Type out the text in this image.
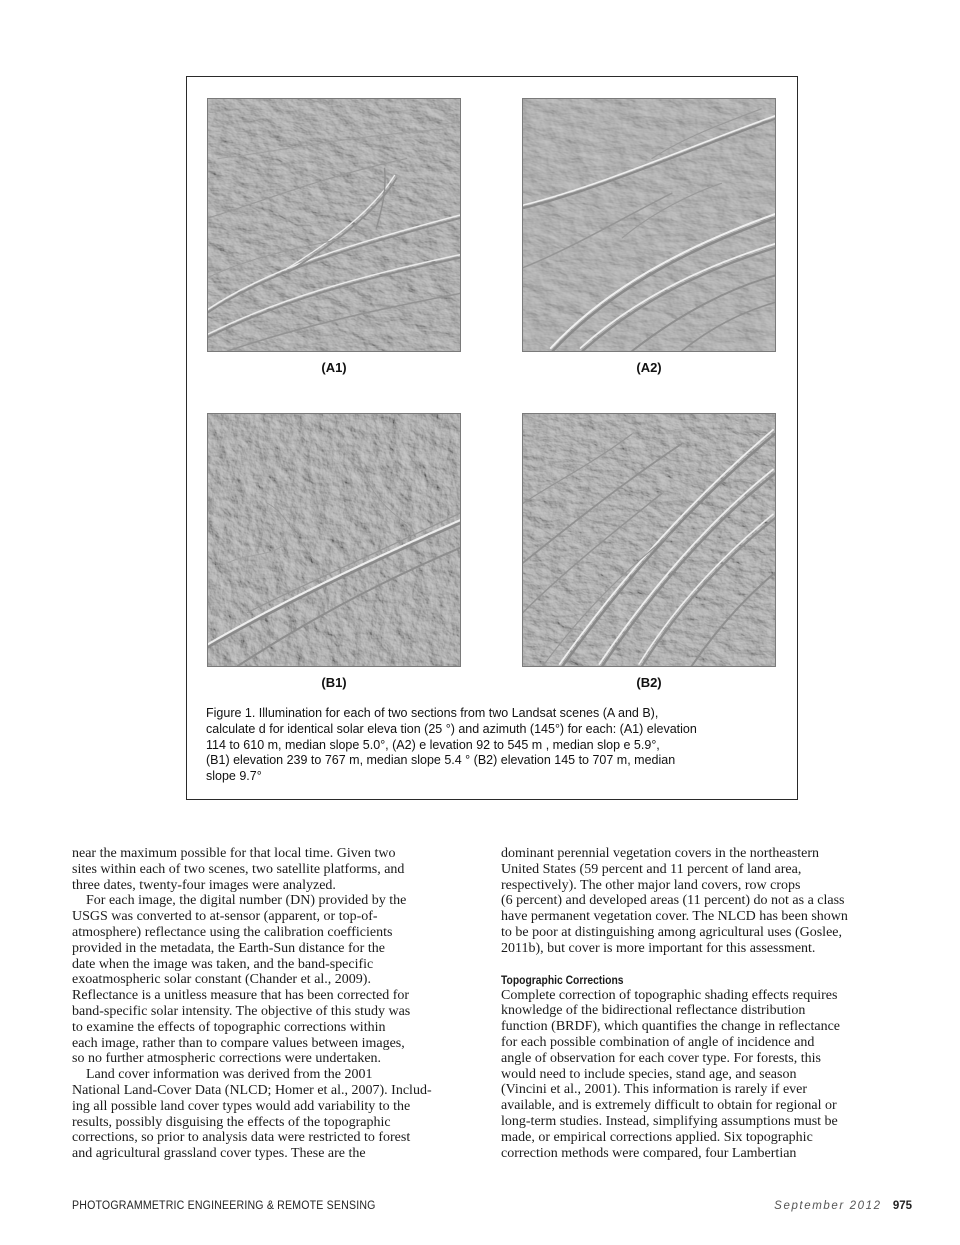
(A1)	(A2)
(B1)	(B2)
Figure 1. Illumination for each of two sections from two Landsat scenes (A and B),
calculate d for identical solar eleva tion (25 °) and azimuth (145°) for each: (A1) elevation
114 to 610 m, median slope 5.0°, (A2) e levation 92 to 545 m , median slop e 5.9°,
(B1) elevation 239 to 767 m, median slope 5.4 ° (B2) elevation 145 to 707 m, median
slope 9.7°
near the maximum possible for that local time. Given two
sites within each of two scenes, two satellite platforms, and
three dates, twenty-four images were analyzed.
For each image, the digital number (DN) provided by the
USGS was converted to at-sensor (apparent, or top-of-
atmosphere) reflectance using the calibration coefficients
provided in the metadata, the Earth-Sun distance for the
date when the image was taken, and the band-specific
exoatmospheric solar constant (Chander et al., 2009).
Reflectance is a unitless measure that has been corrected for
band-specific solar intensity. The objective of this study was
to examine the effects of topographic corrections within
each image, rather than to compare values between images,
so no further atmospheric corrections were undertaken.
Land cover information was derived from the 2001
National Land-Cover Data (NLCD; Homer et al., 2007). Includ-
ing all possible land cover types would add variability to the
results, possibly disguising the effects of the topographic
corrections, so prior to analysis data were restricted to forest
and agricultural grassland cover types. These are the
dominant perennial vegetation covers in the northeastern
United States (59 percent and 11 percent of land area,
respectively). The other major land covers, row crops
(6 percent) and developed areas (11 percent) do not as a class
have permanent vegetation cover. The NLCD has been shown
to be poor at distinguishing among agricultural uses (Goslee,
2011b), but cover is more important for this assessment.
Topographic Corrections
Complete correction of topographic shading effects requires
knowledge of the bidirectional reflectance distribution
function (BRDF), which quantifies the change in reflectance
for each possible combination of angle of incidence and
angle of observation for each cover type. For forests, this
would need to include species, stand age, and season
(Vincini et al., 2001). This information is rarely if ever
available, and is extremely difficult to obtain for regional or
long-term studies. Instead, simplifying assumptions must be
made, or empirical corrections applied. Six topographic
correction methods were compared, four Lambertian
PHOTOGRAMMETRIC ENGINEERING & REMOTE SENSING	September 2012 975
